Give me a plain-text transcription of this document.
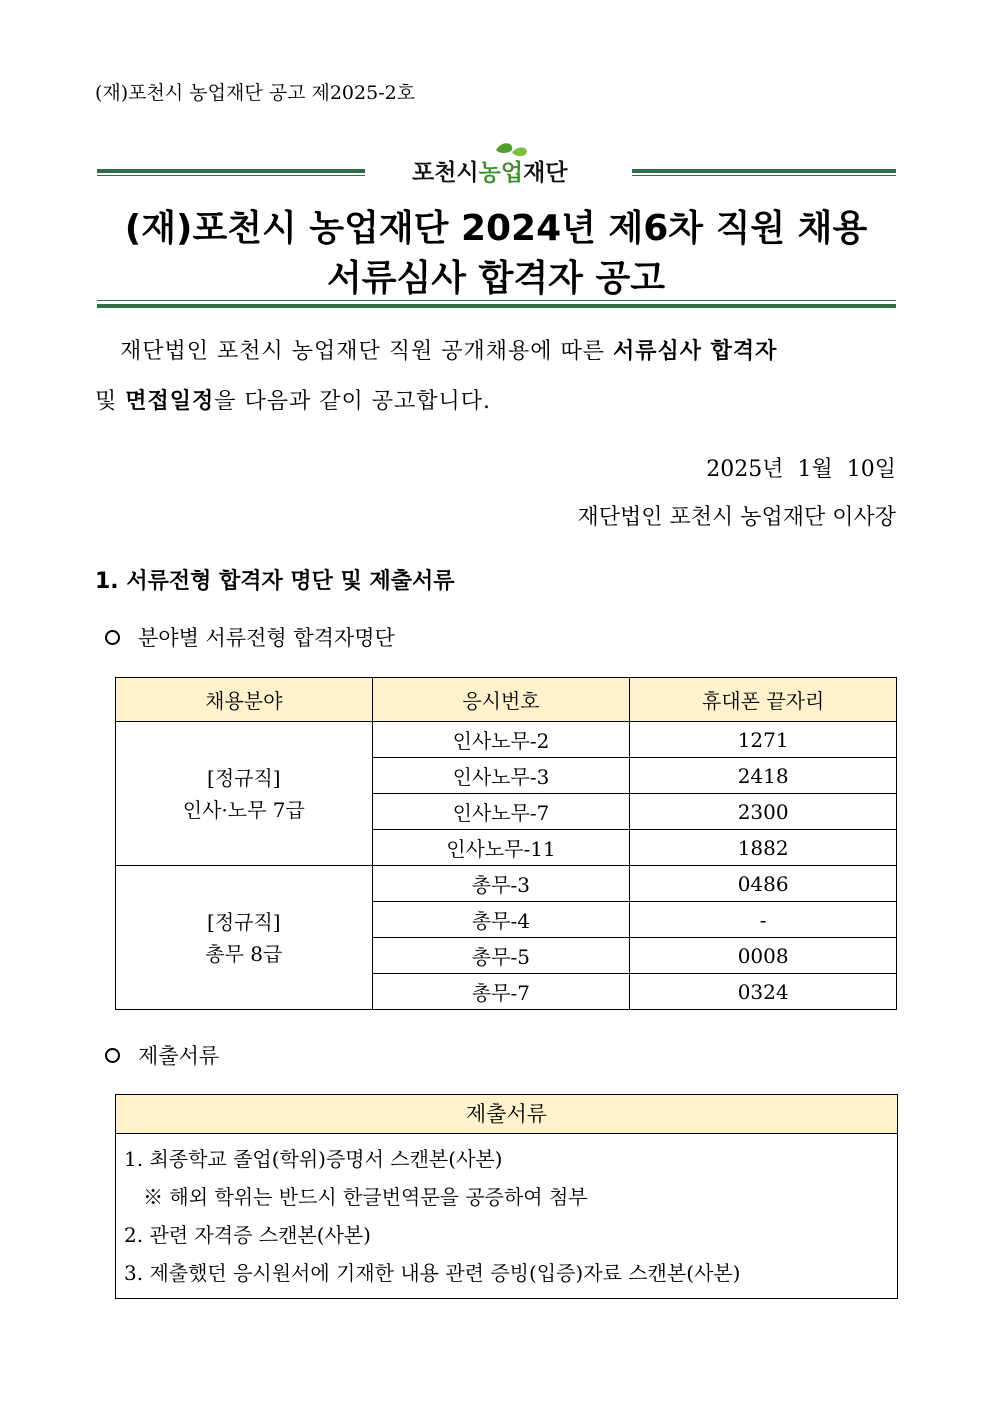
(재)포천시 농업재단 공고 제2025-2호
포천시농업재단
(재)포천시 농업재단 2024년 제6차 직원 채용
서류심사 합격자 공고
재단법인 포천시 농업재단 직원 공개채용에 따른 서류심사 합격자
및 면접일정을 다음과 같이 공고합니다.
2025년  1월  10일
재단법인 포천시 농업재단 이사장
1. 서류전형 합격자 명단 및 제출서류
분야별 서류전형 합격자명단
채용분야	응시번호	휴대폰 끝자리

[정규직]
인사·노무 7급	인사노무-2	1271
	인사노무-3	2418
	인사노무-7	2300
	인사노무-11	1882

[정규직]
총무 8급	총무-3	0486
	총무-4	-
	총무-5	0008
	총무-7	0324
제출서류
제출서류
1. 최종학교 졸업(학위)증명서 스캔본(사본)
※ 해외 학위는 반드시 한글번역문을 공증하여 첨부
2. 관련 자격증 스캔본(사본)
3. 제출했던 응시원서에 기재한 내용 관련 증빙(입증)자료 스캔본(사본)
